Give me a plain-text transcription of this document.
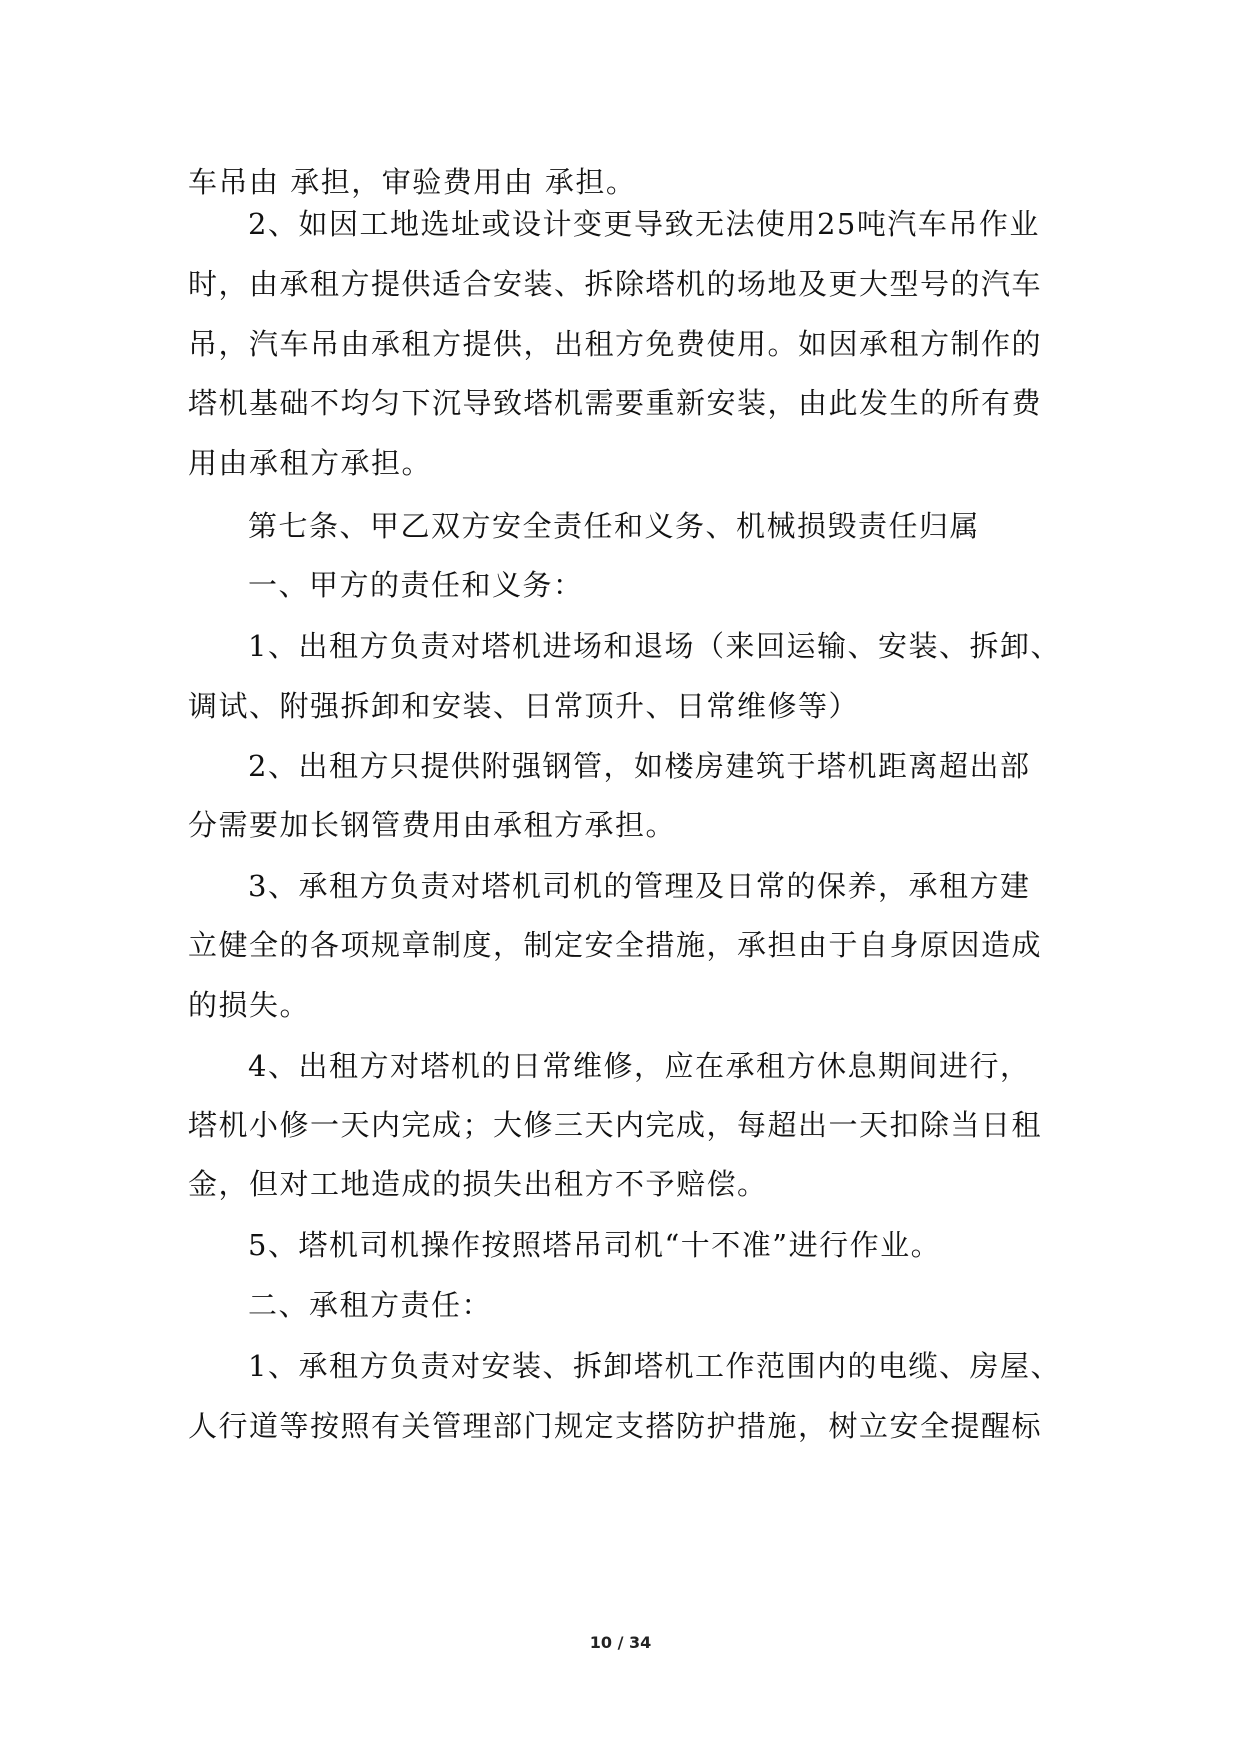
车吊由 承担，审验费用由 承担。
2、如因工地选址或设计变更导致无法使用25吨汽车吊作业
时，由承租方提供适合安装、拆除塔机的场地及更大型号的汽车
吊，汽车吊由承租方提供，出租方免费使用。如因承租方制作的
塔机基础不均匀下沉导致塔机需要重新安装，由此发生的所有费
用由承租方承担。
第七条、甲乙双方安全责任和义务、机械损毁责任归属
一、甲方的责任和义务：
1、出租方负责对塔机进场和退场（来回运输、安装、拆卸、
调试、附强拆卸和安装、日常顶升、日常维修等）
2、出租方只提供附强钢管，如楼房建筑于塔机距离超出部
分需要加长钢管费用由承租方承担。
3、承租方负责对塔机司机的管理及日常的保养，承租方建
立健全的各项规章制度，制定安全措施，承担由于自身原因造成
的损失。
4、出租方对塔机的日常维修，应在承租方休息期间进行，
塔机小修一天内完成；大修三天内完成，每超出一天扣除当日租
金，但对工地造成的损失出租方不予赔偿。
5、塔机司机操作按照塔吊司机“十不准”进行作业。
二、承租方责任：
1、承租方负责对安装、拆卸塔机工作范围内的电缆、房屋、
人行道等按照有关管理部门规定支搭防护措施，树立安全提醒标
10 / 34
